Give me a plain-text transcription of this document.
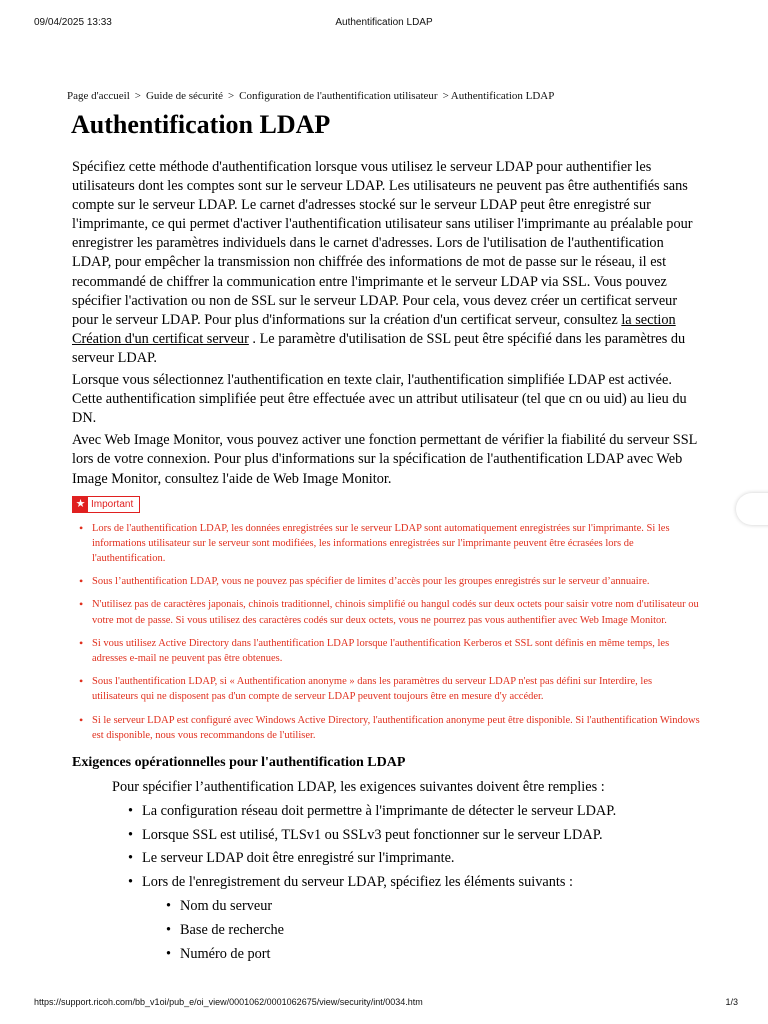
09/04/2025 13:33	Authentification LDAP
Page d'accueil > Guide de sécurité > Configuration de l'authentification utilisateur > Authentification LDAP
Authentification LDAP

Spécifiez cette méthode d'authentification lorsque vous utilisez le serveur LDAP pour authentifier les utilisateurs dont les comptes sont sur le serveur LDAP. Les utilisateurs ne peuvent pas être authentifiés sans compte sur le serveur LDAP. Le carnet d'adresses stocké sur le serveur LDAP peut être enregistré sur l'imprimante, ce qui permet d'activer l'authentification utilisateur sans utiliser l'imprimante au préalable pour enregistrer les paramètres individuels dans le carnet d'adresses. Lors de l'utilisation de l'authentification LDAP, pour empêcher la transmission non chiffrée des informations de mot de passe sur le réseau, il est recommandé de chiffrer la communication entre l'imprimante et le serveur LDAP via SSL. Vous pouvez spécifier l'activation ou non de SSL sur le serveur LDAP. Pour cela, vous devez créer un certificat serveur pour le serveur LDAP. Pour plus d'informations sur la création d'un certificat serveur, consultez la section Création d'un certificat serveur . Le paramètre d'utilisation de SSL peut être spécifié dans les paramètres du serveur LDAP.

Lorsque vous sélectionnez l'authentification en texte clair, l'authentification simplifiée LDAP est activée. Cette authentification simplifiée peut être effectuée avec un attribut utilisateur (tel que cn ou uid) au lieu du DN.

Avec Web Image Monitor, vous pouvez activer une fonction permettant de vérifier la fiabilité du serveur SSL lors de votre connexion. Pour plus d'informations sur la spécification de l'authentification LDAP avec Web Image Monitor, consultez l'aide de Web Image Monitor.

★ Important
• Lors de l'authentification LDAP, les données enregistrées sur le serveur LDAP sont automatiquement enregistrées sur l'imprimante. Si les informations utilisateur sur le serveur sont modifiées, les informations enregistrées sur l'imprimante peuvent être écrasées lors de l'authentification.
• Sous l’authentification LDAP, vous ne pouvez pas spécifier de limites d’accès pour les groupes enregistrés sur le serveur d’annuaire.
• N'utilisez pas de caractères japonais, chinois traditionnel, chinois simplifié ou hangul codés sur deux octets pour saisir votre nom d'utilisateur ou votre mot de passe. Si vous utilisez des caractères codés sur deux octets, vous ne pourrez pas vous authentifier avec Web Image Monitor.
• Si vous utilisez Active Directory dans l'authentification LDAP lorsque l'authentification Kerberos et SSL sont définis en même temps, les adresses e-mail ne peuvent pas être obtenues.
• Sous l'authentification LDAP, si « Authentification anonyme » dans les paramètres du serveur LDAP n'est pas défini sur Interdire, les utilisateurs qui ne disposent pas d'un compte de serveur LDAP peuvent toujours être en mesure d'y accéder.
• Si le serveur LDAP est configuré avec Windows Active Directory, l'authentification anonyme peut être disponible. Si l'authentification Windows est disponible, nous vous recommandons de l'utiliser.
Exigences opérationnelles pour l'authentification LDAP

Pour spécifier l’authentification LDAP, les exigences suivantes doivent être remplies :

• La configuration réseau doit permettre à l'imprimante de détecter le serveur LDAP.
• Lorsque SSL est utilisé, TLSv1 ou SSLv3 peut fonctionner sur le serveur LDAP.
• Le serveur LDAP doit être enregistré sur l'imprimante.
• Lors de l'enregistrement du serveur LDAP, spécifiez les éléments suivants :
• Nom du serveur
• Base de recherche
• Numéro de port
https://support.ricoh.com/bb_v1oi/pub_e/oi_view/0001062/0001062675/view/security/int/0034.htm	1/3
